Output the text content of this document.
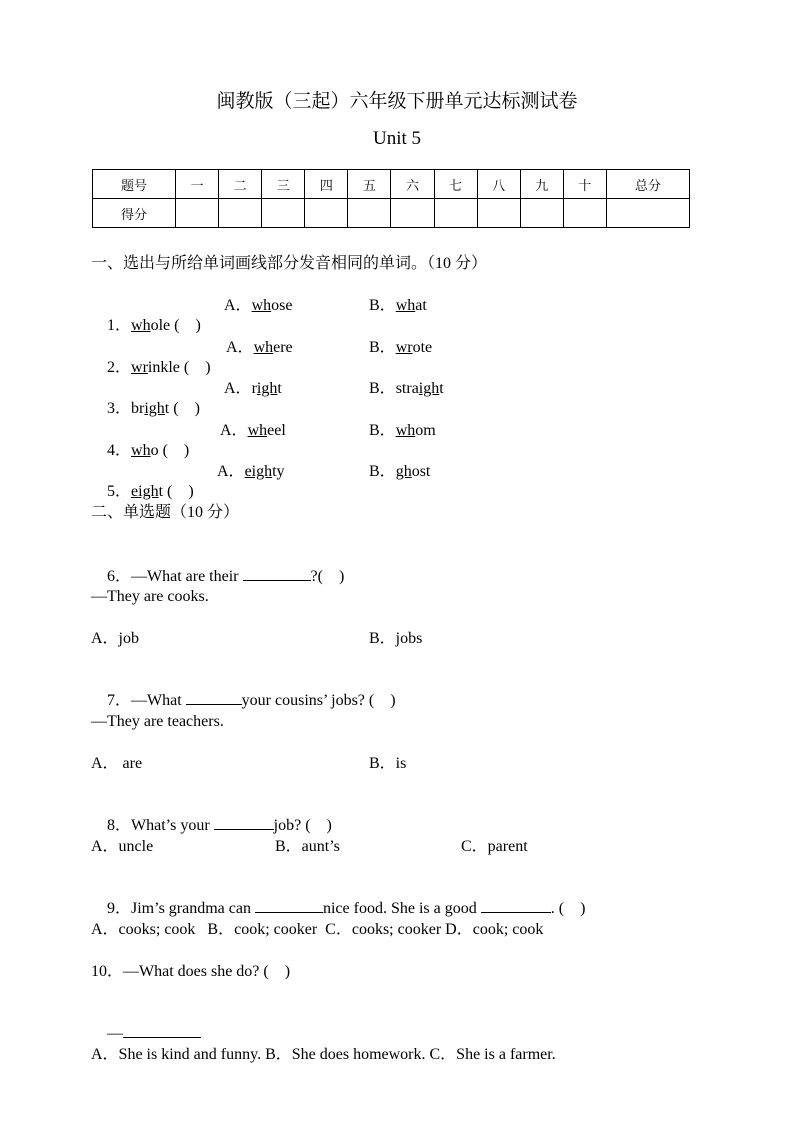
闽教版（三起）六年级下册单元达标测试卷
Unit 5
题号	一	二	三	四	五	六	七	八	九	十	总分
得分											
一、选出与所给单词画线部分发音相同的单词。（10 分）

1．whole (    )

A．whose	B．what

2．wrinkle (    )

A．where	B．wrote

3．bright (    )

A．right	B．straight

4．who (    )

A．wheel	B．whom

5．eight (    )

A．eighty	B．ghost
二、单选题（10 分）

6．—What are their	?(    )

—They are cooks.
A．job	B．jobs

7．—What	your cousins’ jobs? (    )

—They are teachers.
A． are	B．is

8．What’s your	job? (    )

A．uncle	B．aunt’s	C．parent

9．Jim’s grandma can	nice food. She is a good	. (    )

A．cooks; cook   B．cook; cooker  C．cooks; cooker D．cook; cook
10．—What does she do? (    )

—

A．She is kind and funny. B．She does homework. C．She is a farmer.
